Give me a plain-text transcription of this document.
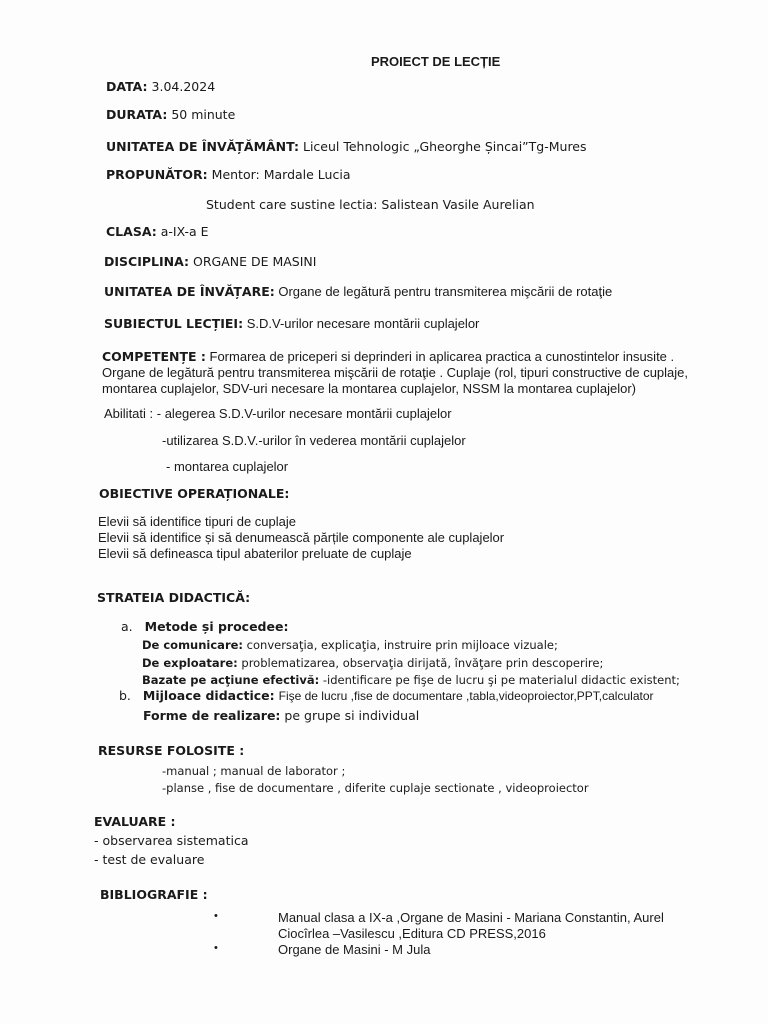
PROIECT DE LECȚIE
DATA: 3.04.2024
DURATA: 50 minute
UNITATEA DE ÎNVĂȚĂMÂNT: Liceul Tehnologic „Gheorghe Șincai”Tg-Mures
PROPUNĂTOR: Mentor: Mardale Lucia
Student care sustine lectia: Salistean Vasile Aurelian
CLASA: a-IX-a E
DISCIPLINA: ORGANE DE MASINI
UNITATEA DE ÎNVĂȚARE: Organe de legătură pentru transmiterea mişcării de rotaţie
SUBIECTUL LECȚIEI: S.D.V-urilor necesare montării cuplajelor
COMPETENȚE : Formarea de priceperi si deprinderi in aplicarea practica a cunostintelor insusite .
Organe de legătură pentru transmiterea mişcării de rotaţie . Cuplaje (rol, tipuri constructive de cuplaje,
montarea cuplajelor, SDV-uri necesare la montarea cuplajelor, NSSM la montarea cuplajelor)
Abilitati : - alegerea S.D.V-urilor necesare montării cuplajelor
-utilizarea S.D.V.-urilor în vederea montării cuplajelor
- montarea cuplajelor
OBIECTIVE OPERAȚIONALE:
Elevii să identifice tipuri de cuplaje
Elevii să identifice și să denumească părțile componente ale cuplajelor
Elevii să defineasca tipul abaterilor preluate de cuplaje
STRATEIA DIDACTICĂ:
a. Metode și procedee:
De comunicare: conversaţia, explicaţia, instruire prin mijloace vizuale;
De exploatare: problematizarea, observaţia dirijată, învăţare prin descoperire;
Bazate pe acţiune efectivă: -identificare pe fişe de lucru şi pe materialul didactic existent;
b. Mijloace didactice: Fişe de lucru ,fise de documentare ,tabla,videoproiector,PPT,calculator
Forme de realizare: pe grupe si individual
RESURSE FOLOSITE :
-manual ; manual de laborator ;
-planse , fise de documentare , diferite cuplaje sectionate , videoproiector
EVALUARE :
- observarea sistematica
- test de evaluare
BIBLIOGRAFIE :
•	Manual clasa a IX-a ,Organe de Masini - Mariana Constantin, Aurel
Ciocîrlea –Vasilescu ,Editura CD PRESS,2016
•	Organe de Masini - M Jula
